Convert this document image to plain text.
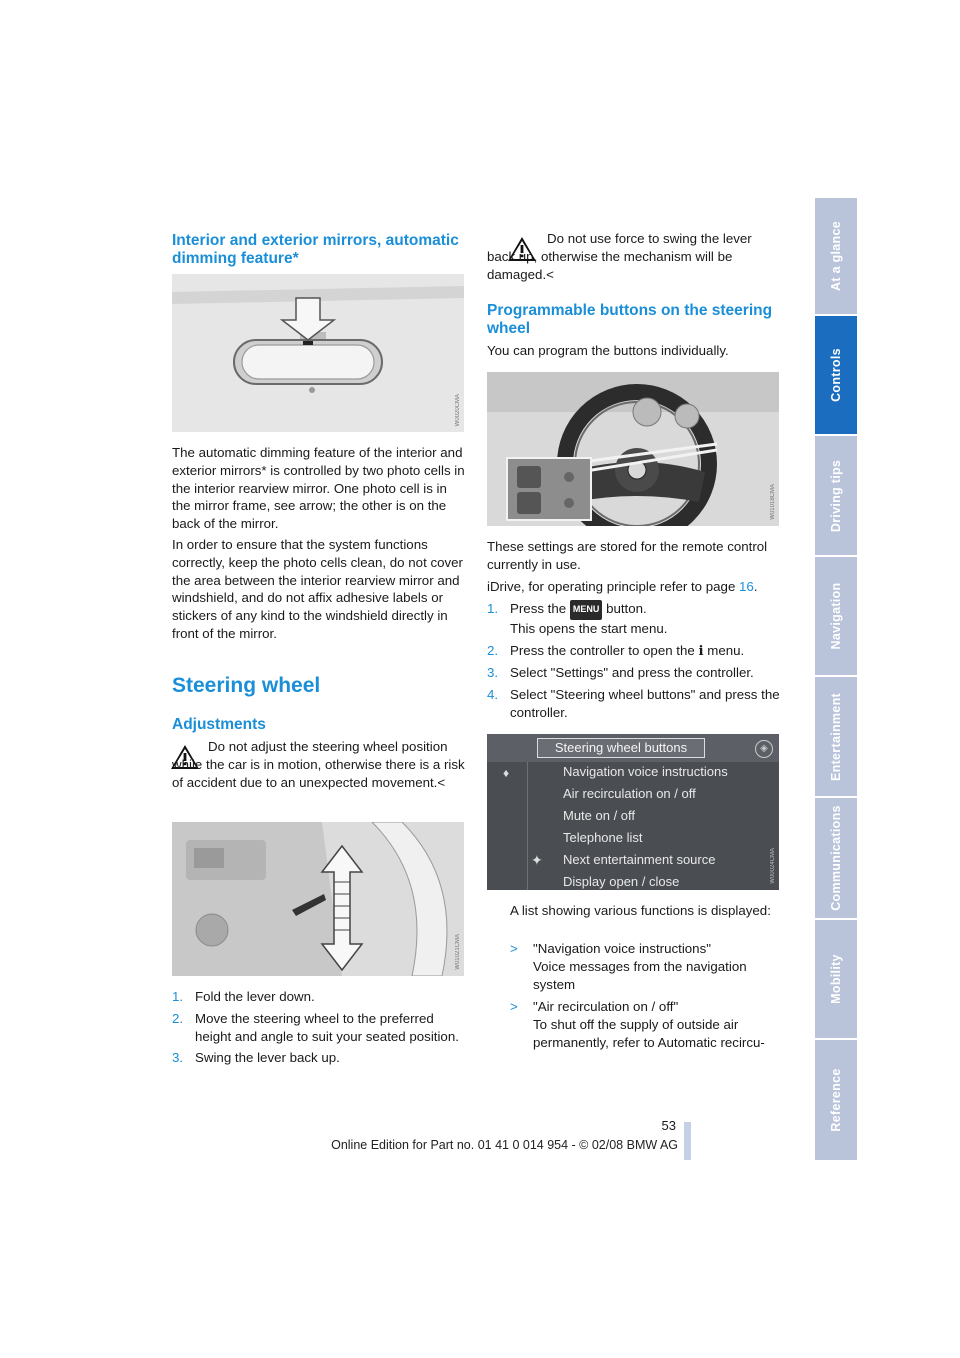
Interior and exterior mirrors, automatic dimming feature*
W0020CMA
The automatic dimming feature of the interior and exterior mirrors* is controlled by two photo cells in the interior rearview mirror. One photo cell is in the mirror frame, see arrow; the other is on the back of the mirror.
In order to ensure that the system functions correctly, keep the photo cells clean, do not cover the area between the interior rearview mirror and windshield, and do not affix adhesive labels or stickers of any kind to the windshield directly in front of the mirror.
Steering wheel
Adjustments
Do not adjust the steering wheel position while the car is in motion, otherwise there is a risk of accident due to an unexpected movement.<
W01021CMA
1. Fold the lever down.
2. Move the steering wheel to the preferred height and angle to suit your seated position.
3. Swing the lever back up.
Do not use force to swing the lever back up, otherwise the mechanism will be damaged.<
Programmable buttons on the steering wheel
You can program the buttons individually.
W01018CMA
These settings are stored for the remote control currently in use.
iDrive, for operating principle refer to page 16.
1. Press the MENU button.
This opens the start menu.
2. Press the controller to open the i menu.
3. Select "Settings" and press the controller.
4. Select "Steering wheel buttons" and press the controller.
Steering wheel buttons	◈
♦
✦
Navigation voice instructions
Air recirculation on / off
Mute on / off
Telephone list
Next entertainment source
Display open / close	W00024CMA
A list showing various functions is displayed:
> "Navigation voice instructions"
Voice messages from the navigation system
> "Air recirculation on / off"
To shut off the supply of outside air permanently, refer to Automatic recircu-
53
Online Edition for Part no. 01 41 0 014 954 - © 02/08 BMW AG
At a glance
Controls
Driving tips
Navigation
Entertainment
Communications
Mobility
Reference
